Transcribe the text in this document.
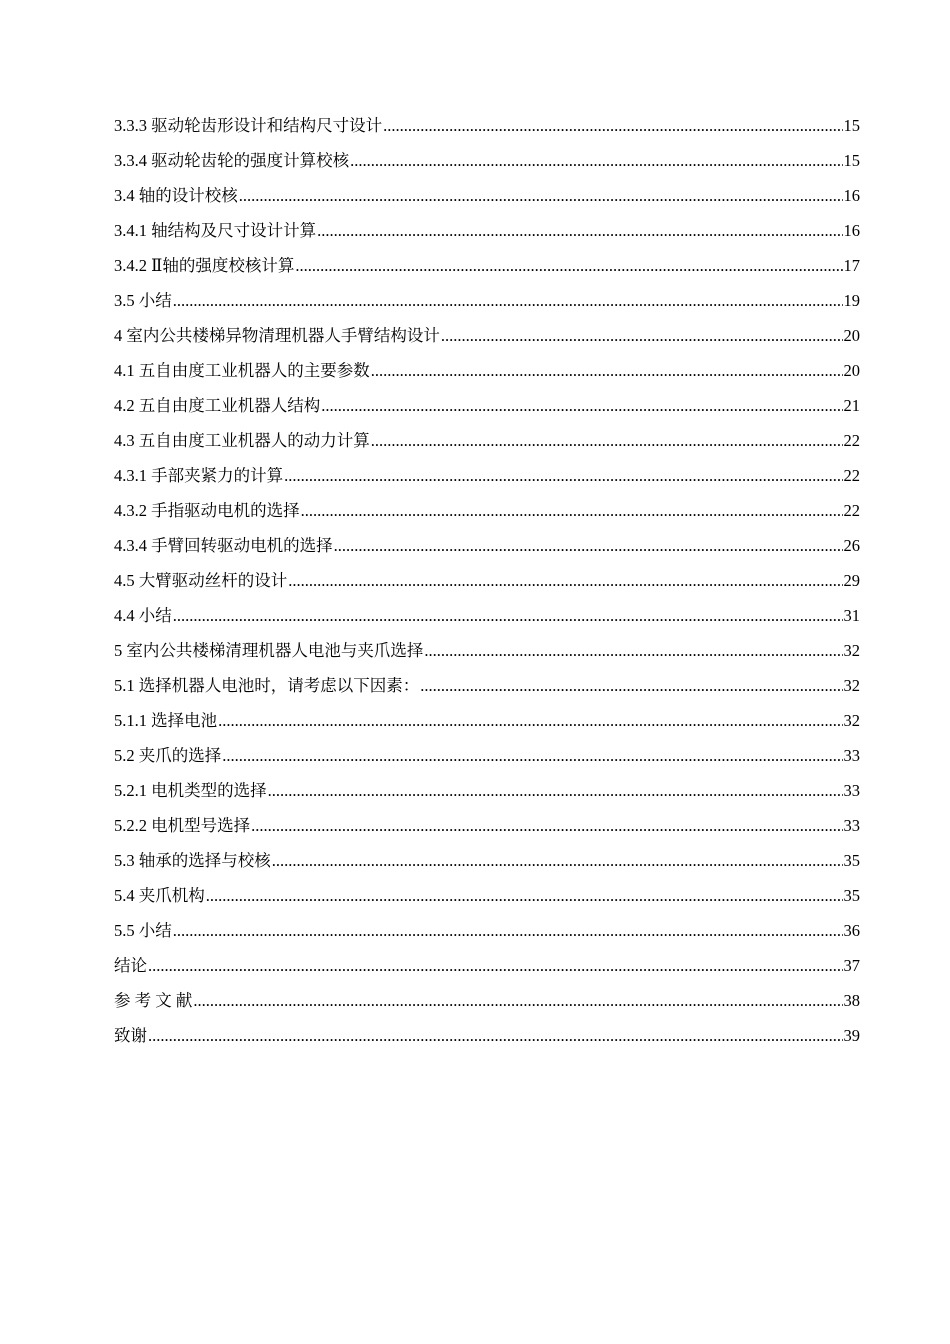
3.3.3 驱动轮齿形设计和结构尺寸设计 .....	15
3.3.4 驱动轮齿轮的强度计算校核 .....	15
3.4 轴的设计校核 .....	16
3.4.1 轴结构及尺寸设计计算 .....	16
3.4.2 Ⅱ轴的强度校核计算 .....	17
3.5 小结 .....	19
4 室内公共楼梯异物清理机器人手臂结构设计 .....	20
4.1 五自由度工业机器人的主要参数 .....	20
4.2 五自由度工业机器人结构 .....	21
4.3 五自由度工业机器人的动力计算 .....	22
4.3.1 手部夹紧力的计算 .....	22
4.3.2 手指驱动电机的选择 .....	22
4.3.4 手臂回转驱动电机的选择 .....	26
4.5 大臂驱动丝杆的设计 .....	29
4.4 小结 .....	31
5 室内公共楼梯清理机器人电池与夹爪选择 .....	32
5.1 选择机器人电池时，请考虑以下因素： .....	32
5.1.1 选择电池 .....	32
5.2 夹爪的选择 .....	33
5.2.1 电机类型的选择 .....	33
5.2.2 电机型号选择 .....	33
5.3 轴承的选择与校核 .....	35
5.4 夹爪机构 .....	35
5.5 小结 .....	36
结论 .....	37
参 考 文 献 .....	38
致谢 .....	39
